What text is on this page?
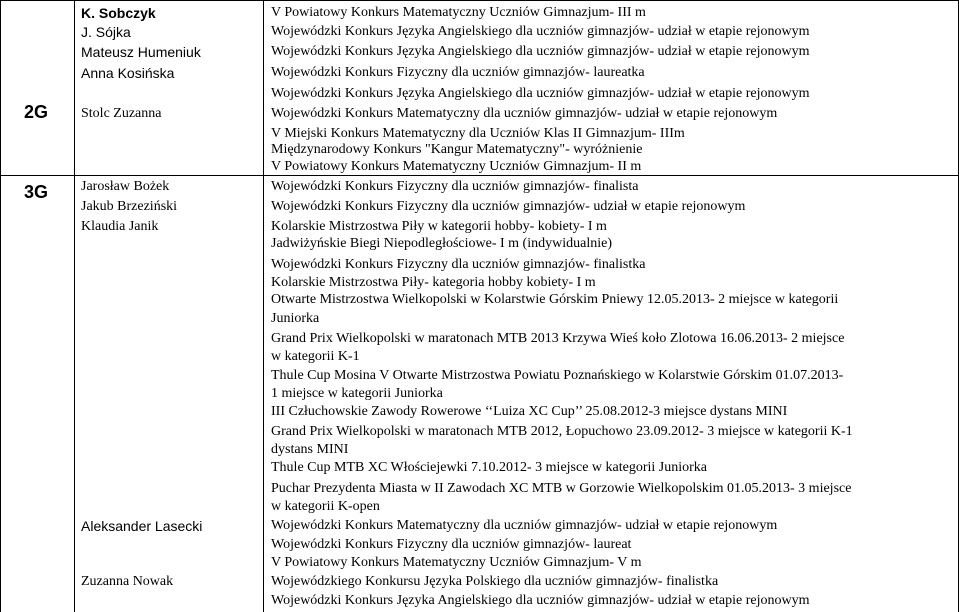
2G
3G
K. Sobczyk
J. Sójka
Mateusz Humeniuk
Anna Kosińska
Stolc Zuzanna
Jarosław Bożek
Jakub Brzeziński
Klaudia Janik
Aleksander Lasecki
Zuzanna Nowak
V Powiatowy Konkurs Matematyczny Uczniów Gimnazjum- III m
Wojewódzki Konkurs Języka Angielskiego dla uczniów gimnazjów- udział w etapie rejonowym
Wojewódzki Konkurs Języka Angielskiego dla uczniów gimnazjów- udział w etapie rejonowym
Wojewódzki Konkurs Fizyczny dla uczniów gimnazjów- laureatka
Wojewódzki Konkurs Języka Angielskiego dla uczniów gimnazjów- udział w etapie rejonowym
Wojewódzki Konkurs Matematyczny dla uczniów gimnazjów- udział w etapie rejonowym
V Miejski Konkurs Matematyczny dla Uczniów Klas II Gimnazjum- IIIm
Międzynarodowy Konkurs "Kangur Matematyczny"- wyróżnienie
V Powiatowy Konkurs Matematyczny Uczniów Gimnazjum- II m
Wojewódzki Konkurs Fizyczny dla uczniów gimnazjów- finalista
Wojewódzki Konkurs Fizyczny dla uczniów gimnazjów- udział w etapie rejonowym
Kolarskie Mistrzostwa Piły w kategorii hobby- kobiety- I m
Jadwiżyńskie Biegi Niepodległościowe- I m (indywidualnie)
Wojewódzki Konkurs Fizyczny dla uczniów gimnazjów- finalistka
Kolarskie Mistrzostwa Piły- kategoria hobby kobiety- I m
Otwarte Mistrzostwa Wielkopolski w Kolarstwie Górskim Pniewy 12.05.2013- 2 miejsce w kategorii
Juniorka
Grand Prix Wielkopolski w maratonach MTB 2013 Krzywa Wieś koło Zlotowa 16.06.2013- 2 miejsce
w kategorii K-1
Thule Cup Mosina V Otwarte Mistrzostwa Powiatu Poznańskiego w Kolarstwie Górskim 01.07.2013-
1 miejsce w kategorii Juniorka
III Człuchowskie Zawody Rowerowe ‘‘Luiza XC Cup’’ 25.08.2012-3 miejsce dystans MINI
Grand Prix Wielkopolski w maratonach MTB 2012, Łopuchowo 23.09.2012- 3 miejsce w kategorii K-1
dystans MINI
Thule Cup MTB XC Włościejewki 7.10.2012- 3 miejsce w kategorii Juniorka
Puchar Prezydenta Miasta w II Zawodach XC MTB w Gorzowie Wielkopolskim 01.05.2013- 3 miejsce
w kategorii K-open
Wojewódzki Konkurs Matematyczny dla uczniów gimnazjów- udział w etapie rejonowym
Wojewódzki Konkurs Fizyczny dla uczniów gimnazjów- laureat
V Powiatowy Konkurs Matematyczny Uczniów Gimnazjum- V m
Wojewódzkiego Konkursu Języka Polskiego dla uczniów gimnazjów- finalistka
Wojewódzki Konkurs Języka Angielskiego dla uczniów gimnazjów- udział w etapie rejonowym
